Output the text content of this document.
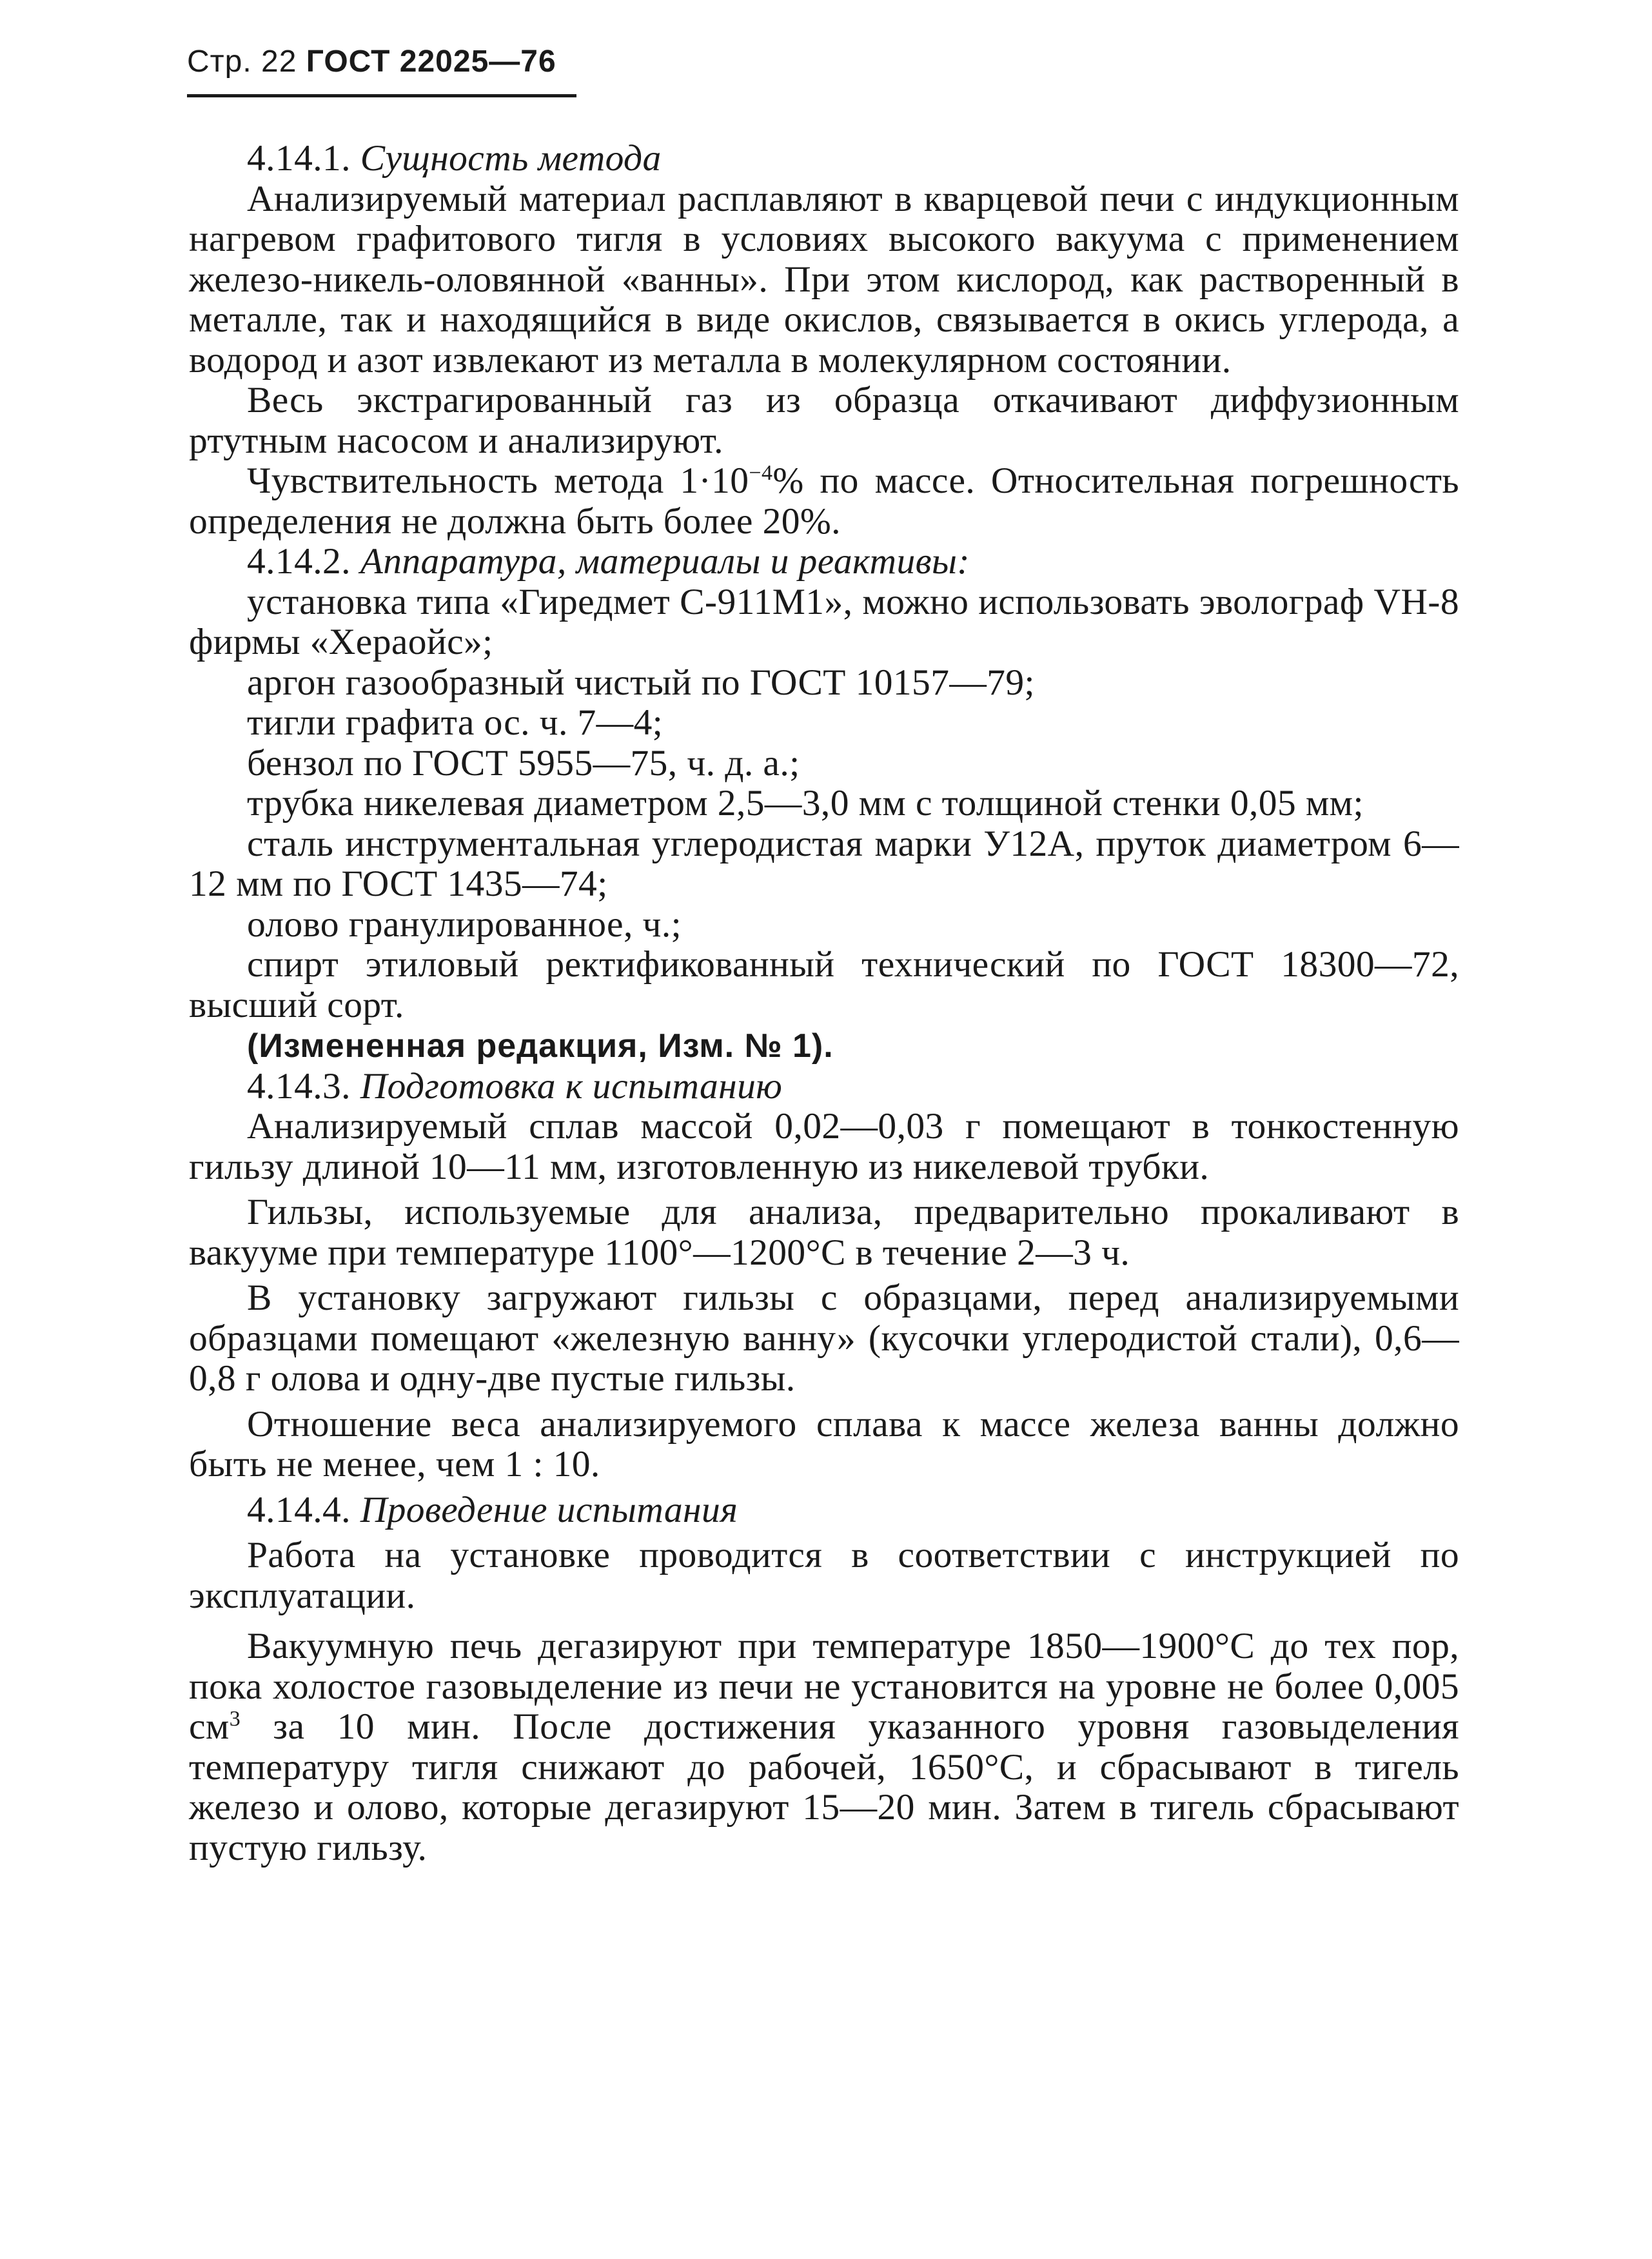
Стр. 22 ГОСТ 22025—76

4.14.1. Сущность метода

Анализируемый материал расплавляют в кварцевой печи с индукционным нагревом графитового тигля в условиях высокого вакуума с применением железо-никель-оловянной «ванны». При этом кислород, как растворенный в металле, так и находящийся в виде окислов, связывается в окись углерода, а водород и азот извлекают из металла в молекулярном состоянии.

Весь экстрагированный газ из образца откачивают диффузионным ртутным насосом и анализируют.

Чувствительность метода $1\cdot 10^{-4}\%$ по массе. Относительная погрешность определения не должна быть более 20%.

4.14.2. Аппаратура, материалы и реактивы:

установка типа «Гиредмет С-911М1», можно использовать эволограф VH-8 фирмы «Хераойс»;

аргон газообразный чистый по ГОСТ 10157—79;

тигли графита ос. ч. 7—4;

бензол по ГОСТ 5955—75, ч. д. а.;

трубка никелевая диаметром 2,5—3,0 мм с толщиной стенки 0,05 мм;

сталь инструментальная углеродистая марки У12А, пруток диаметром 6—12 мм по ГОСТ 1435—74;

олово гранулированное, ч.;

спирт этиловый ректификованный технический по ГОСТ 18300—72, высший сорт.

(Измененная редакция, Изм. № 1).

4.14.3. Подготовка к испытанию

Анализируемый сплав массой 0,02—0,03 г помещают в тонкостенную гильзу длиной 10—11 мм, изготовленную из никелевой трубки.

Гильзы, используемые для анализа, предварительно прокаливают в вакууме при температуре 1100°—1200°С в течение 2—3 ч.

В установку загружают гильзы с образцами, перед анализируемыми образцами помещают «железную ванну» (кусочки углеродистой стали), 0,6—0,8 г олова и одну-две пустые гильзы.

Отношение веса анализируемого сплава к массе железа ванны должно быть не менее, чем 1 : 10.

4.14.4. Проведение испытания

Работа на установке проводится в соответствии с инструкцией по эксплуатации.

Вакуумную печь дегазируют при температуре 1850—1900°С до тех пор, пока холостое газовыделение из печи не установится на уровне не более 0,005 $см^3$ за 10 мин. После достижения указанного уровня газовыделения температуру тигля снижают до рабочей, 1650°С, и сбрасывают в тигель железо и олово, которые дегазируют 15—20 мин. Затем в тигель сбрасывают пустую гильзу.
